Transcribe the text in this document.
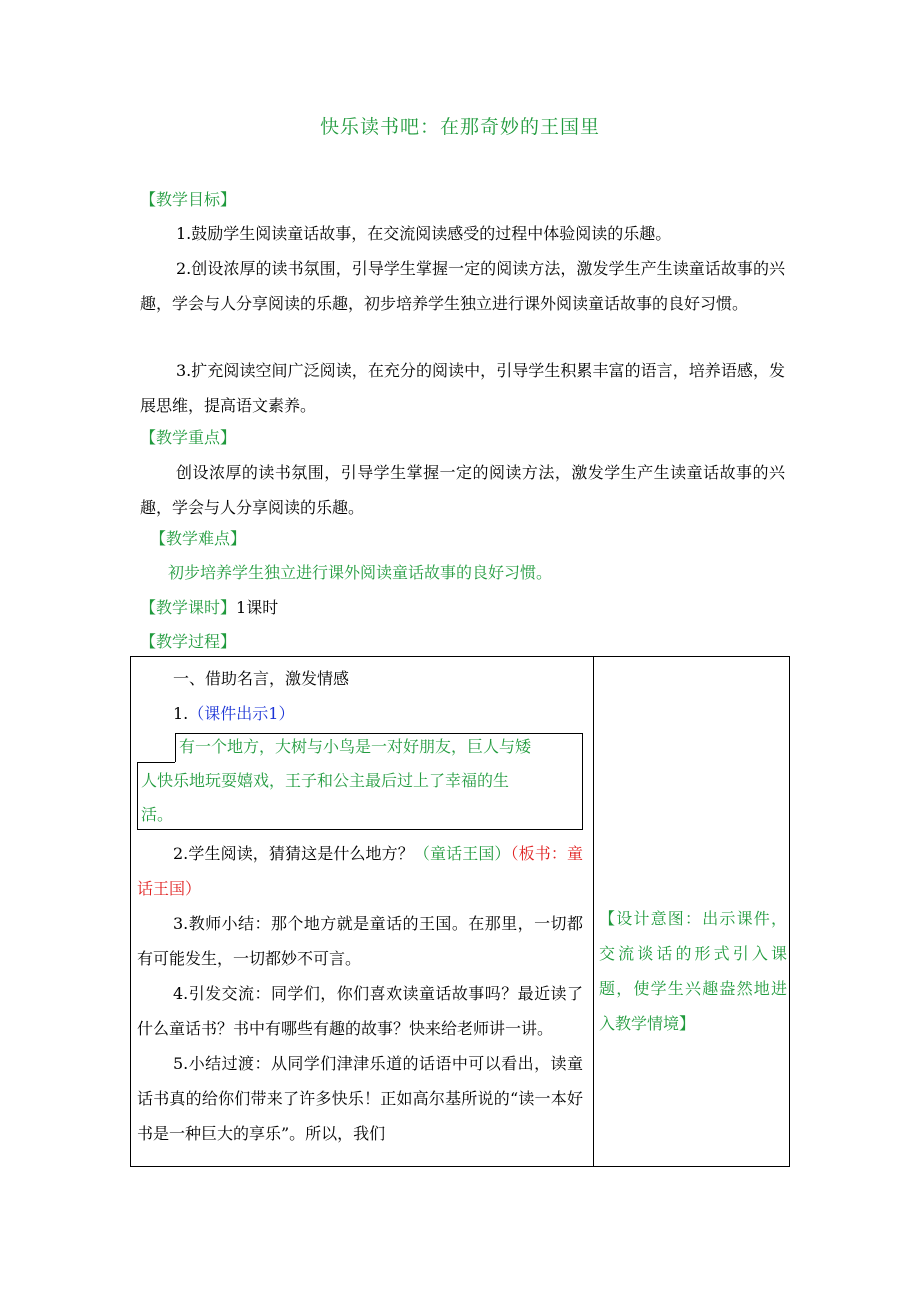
快乐读书吧：在那奇妙的王国里
【教学目标】
1.鼓励学生阅读童话故事，在交流阅读感受的过程中体验阅读的乐趣。
2.创设浓厚的读书氛围，引导学生掌握一定的阅读方法，激发学生产生读童话故事的兴趣，学会与人分享阅读的乐趣，初步培养学生独立进行课外阅读童话故事的良好习惯。
3.扩充阅读空间广泛阅读，在充分的阅读中，引导学生积累丰富的语言，培养语感，发展思维，提高语文素养。
【教学重点】
创设浓厚的读书氛围，引导学生掌握一定的阅读方法，激发学生产生读童话故事的兴趣，学会与人分享阅读的乐趣。
【教学难点】
初步培养学生独立进行课外阅读童话故事的良好习惯。
【教学课时】1课时
【教学过程】

一、借助名言，激发情感

1.（课件出示1）

2.学生阅读，猜猜这是什么地方？（童话王国）（板书：童话王国）

3.教师小结：那个地方就是童话的王国。在那里，一切都有可能发生，一切都妙不可言。

4.引发交流：同学们，你们喜欢读童话故事吗？最近读了什么童话书？书中有哪些有趣的故事？快来给老师讲一讲。

5.小结过渡：从同学们津津乐道的话语中可以看出，读童话书真的给你们带来了许多快乐！正如高尔基所说的“读一本好书是一种巨大的享乐”。所以，我们

有一个地方，大树与小鸟是一对好朋友，巨人与矮
人快乐地玩耍嬉戏，王子和公主最后过上了幸福的生
活。
【设计意图：出示课件，交流谈话的形式引入课题，使学生兴趣盎然地进入教学情境】
